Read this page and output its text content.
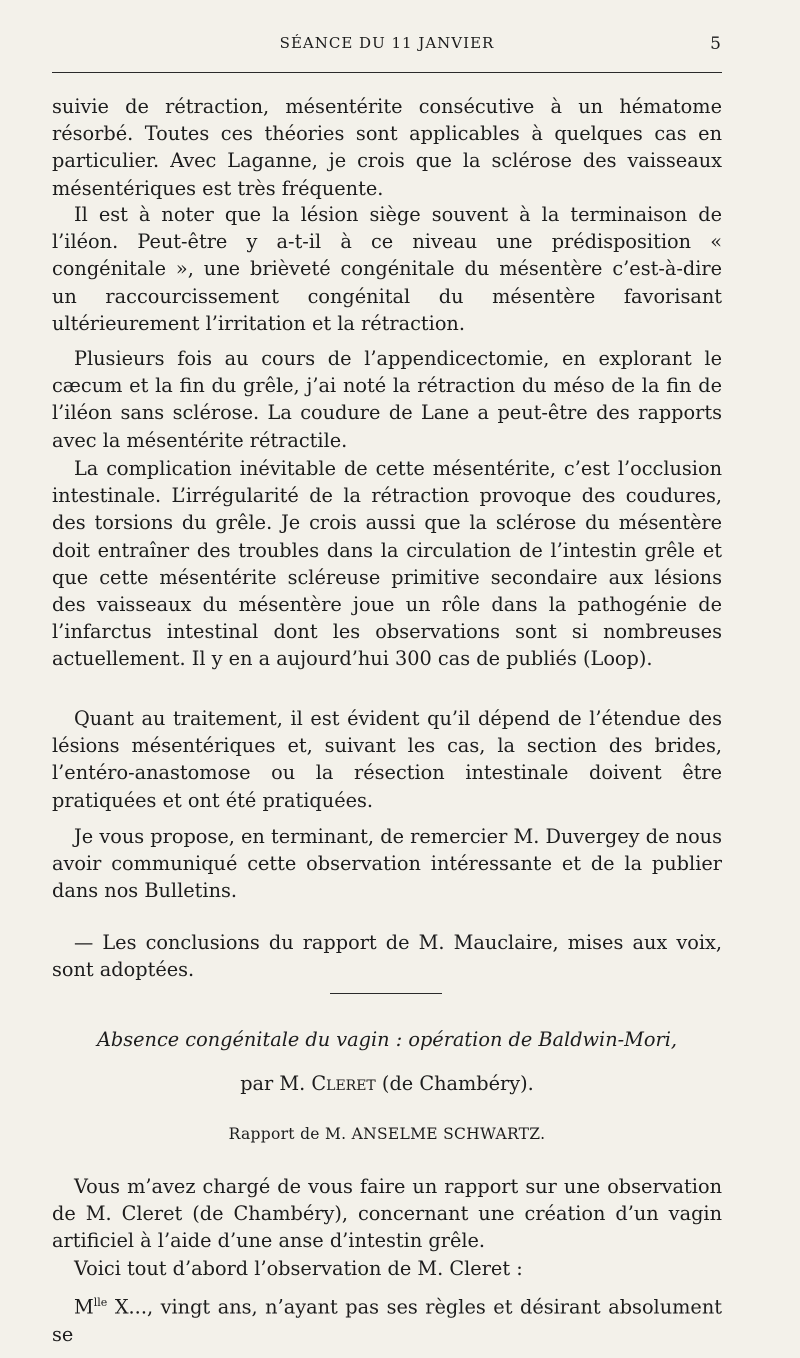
SÉANCE DU 11 JANVIER	5

suivie de rétraction, mésentérite consécutive à un hématome résorbé. Toutes ces théories sont applicables à quelques cas en particulier. Avec Laganne, je crois que la sclérose des vaisseaux mésentériques est très fréquente.

Il est à noter que la lésion siège souvent à la terminaison de l’iléon. Peut-être y a-t-il à ce niveau une prédisposition « congénitale », une brièveté congénitale du mésentère c’est-à-dire un raccourcissement congénital du mésentère favorisant ultérieurement l’irritation et la rétraction.

Plusieurs fois au cours de l’appendicectomie, en explorant le cæcum et la fin du grêle, j’ai noté la rétraction du méso de la fin de l’iléon sans sclérose. La coudure de Lane a peut-être des rapports avec la mésentérite rétractile.

La complication inévitable de cette mésentérite, c’est l’occlusion intestinale. L’irrégularité de la rétraction provoque des coudures, des torsions du grêle. Je crois aussi que la sclérose du mésentère doit entraîner des troubles dans la circulation de l’intestin grêle et que cette mésentérite scléreuse primitive secondaire aux lésions des vaisseaux du mésentère joue un rôle dans la pathogénie de l’infarctus intestinal dont les observations sont si nombreuses actuellement. Il y en a aujourd’hui 300 cas de publiés (Loop).

Quant au traitement, il est évident qu’il dépend de l’étendue des lésions mésentériques et, suivant les cas, la section des brides, l’entéro-anastomose ou la résection intestinale doivent être pratiquées et ont été pratiquées.

Je vous propose, en terminant, de remercier M. Duvergey de nous avoir communiqué cette observation intéressante et de la publier dans nos Bulletins.

— Les conclusions du rapport de M. Mauclaire, mises aux voix, sont adoptées.

Absence congénitale du vagin : opération de Baldwin-Mori,
par M. Cleret (de Chambéry).
Rapport de M. ANSELME SCHWARTZ.

Vous m’avez chargé de vous faire un rapport sur une observation de M. Cleret (de Chambéry), concernant une création d’un vagin artificiel à l’aide d’une anse d’intestin grêle.

Voici tout d’abord l’observation de M. Cleret :

$M^{lle}$ X..., vingt ans, n’ayant pas ses règles et désirant absolument se
